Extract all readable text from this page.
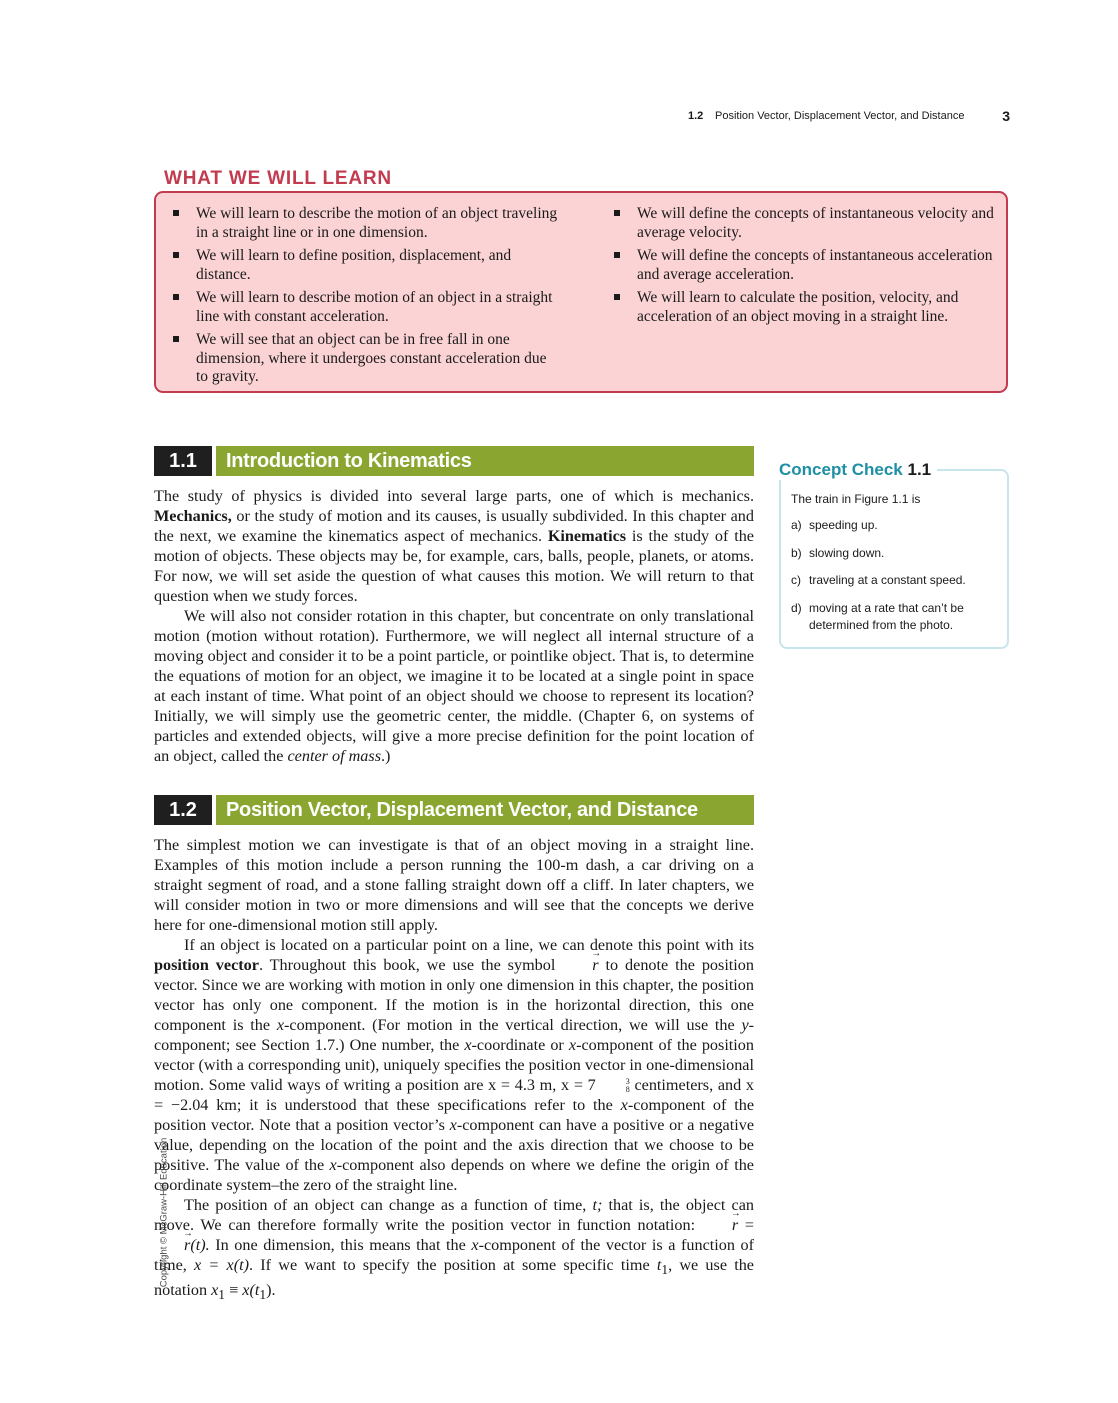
1.2 Position Vector, Displacement Vector, and Distance	3
WHAT WE WILL LEARN
We will learn to describe the motion of an object traveling in a straight line or in one dimension.
We will learn to define position, displacement, and distance.
We will learn to describe motion of an object in a straight line with constant acceleration.
We will see that an object can be in free fall in one dimension, where it undergoes constant acceleration due to gravity.
We will define the concepts of instantaneous velocity and average velocity.
We will define the concepts of instantaneous acceleration and average acceleration.
We will learn to calculate the position, velocity, and acceleration of an object moving in a straight line.
1.1	Introduction to Kinematics

The study of physics is divided into several large parts, one of which is mechanics. Mechanics, or the study of motion and its causes, is usually subdivided. In this chapter and the next, we examine the kinematics aspect of mechanics. Kinematics is the study of the motion of objects. These objects may be, for example, cars, balls, people, planets, or atoms. For now, we will set aside the question of what causes this motion. We will return to that question when we study forces.

We will also not consider rotation in this chapter, but concentrate on only translational motion (motion without rotation). Furthermore, we will neglect all internal structure of a moving object and consider it to be a point particle, or pointlike object. That is, to determine the equations of motion for an object, we imagine it to be located at a single point in space at each instant of time. What point of an object should we choose to represent its location? Initially, we will simply use the geometric center, the middle. (Chapter 6, on systems of particles and extended objects, will give a more precise definition for the point location of an object, called the center of mass.)

Concept Check 1.1
The train in Figure 1.1 is
a) speeding up.
b) slowing down.
c) traveling at a constant speed.
d) moving at a rate that can’t be determined from the photo.
1.2	Position Vector, Displacement Vector, and Distance

The simplest motion we can investigate is that of an object moving in a straight line. Examples of this motion include a person running the 100-m dash, a car driving on a straight segment of road, and a stone falling straight down off a cliff. In later chapters, we will consider motion in two or more dimensions and will see that the concepts we derive here for one-dimensional motion still apply.

If an object is located on a particular point on a line, we can denote this point with its position vector. Throughout this book, we use the symbol → r to denote the position vector. Since we are working with motion in only one dimension in this chapter, the position vector has only one component. If the motion is in the horizontal direction, this one component is the x-component. (For motion in the vertical direction, we will use the y-component; see Section 1.7.) One number, the x-coordinate or x-component of the position vector (with a corresponding unit), uniquely specifies the position vector in one-dimensional motion. Some valid ways of writing a position are x = 4.3 m, x = 7	3
8 centimeters, and x = −2.04 km; it is understood that these specifications refer to the x-component of the position vector. Note that a position vector’s x-component can have a positive or a negative value, depending on the location of the point and the axis direction that we choose to be positive. The value of the x-component also depends on where we define the origin of the coordinate system–the zero of the straight line.

The position of an object can change as a function of time, t; that is, the object can move. We can therefore formally write the position vector in function notation: → r = → r(t). In one dimension, this means that the x-component of the vector is a function of time, x = x(t). If we want to specify the position at some specific time $t_1$, we use the notation $x_1 \equiv x(t_1)$.

Copyright © McGraw-Hill Education
